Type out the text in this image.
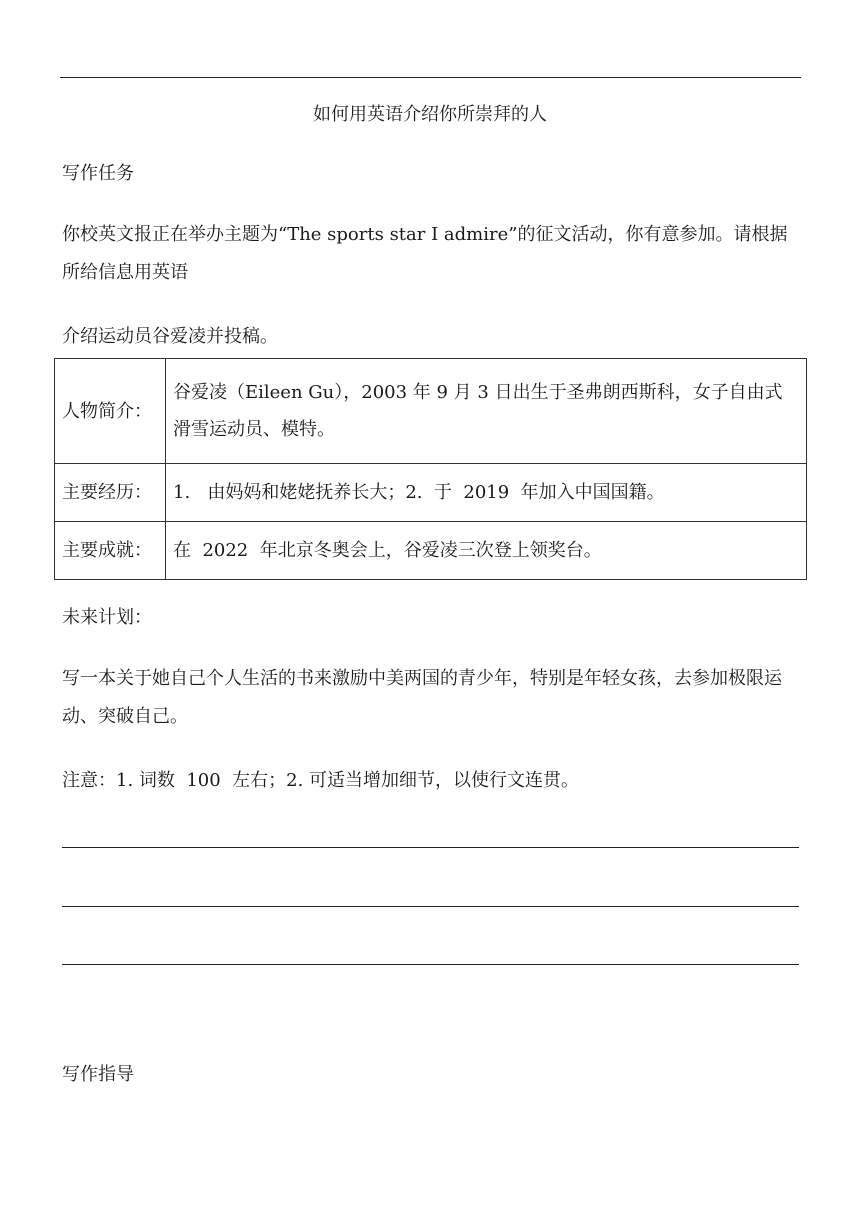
如何用英语介绍你所崇拜的人
写作任务
你校英文报正在举办主题为“The sports star I admire”的征文活动，你有意参加。请根据所给信息用英语
介绍运动员谷爱凌并投稿。
人物简介：	谷爱凌（Eileen Gu），2003 年 9 月 3 日出生于圣弗朗西斯科，女子自由式滑雪运动员、模特。
主要经历：	1.   由妈妈和姥姥抚养长大；2.  于  2019  年加入中国国籍。
主要成就：	在  2022  年北京冬奥会上，谷爱凌三次登上领奖台。
未来计划：
写一本关于她自己个人生活的书来激励中美两国的青少年，特别是年轻女孩，去参加极限运动、突破自己。
注意：1. 词数  100  左右；2. 可适当增加细节，以使行文连贯。
写作指导
